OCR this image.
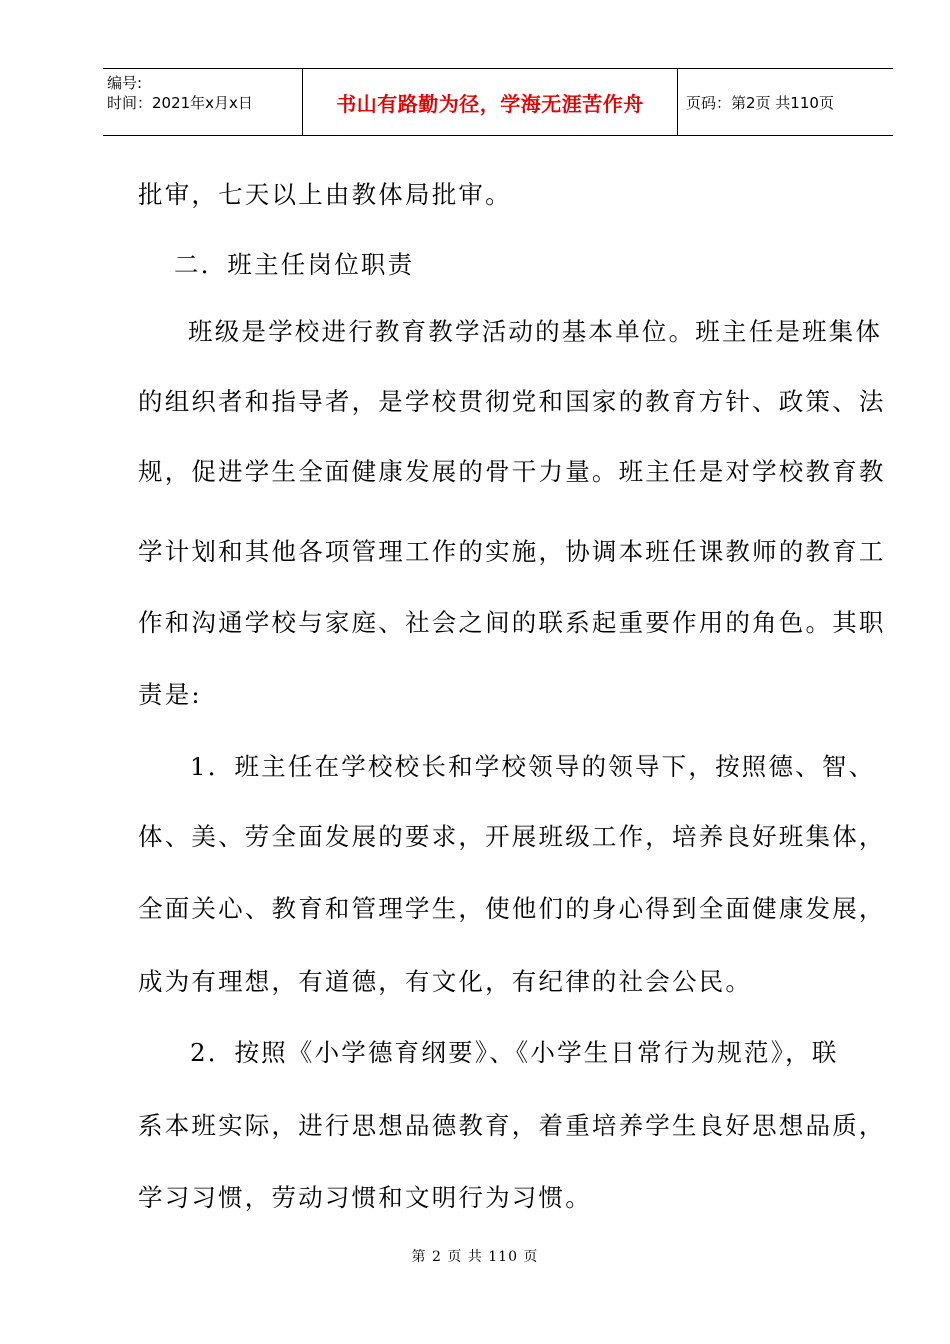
编号:
时间：2021年x月x日	书山有路勤为径，学海无涯苦作舟	页码：第2页 共110页
批审，七天以上由教体局批审。
二．班主任岗位职责
班级是学校进行教育教学活动的基本单位。班主任是班集体
的组织者和指导者，是学校贯彻党和国家的教育方针、政策、法
规，促进学生全面健康发展的骨干力量。班主任是对学校教育教
学计划和其他各项管理工作的实施，协调本班任课教师的教育工
作和沟通学校与家庭、社会之间的联系起重要作用的角色。其职
责是:
1．班主任在学校校长和学校领导的领导下，按照德、智、
体、美、劳全面发展的要求，开展班级工作，培养良好班集体，
全面关心、教育和管理学生，使他们的身心得到全面健康发展，
成为有理想，有道德，有文化，有纪律的社会公民。
2．按照《小学德育纲要》、《小学生日常行为规范》，联
系本班实际，进行思想品德教育，着重培养学生良好思想品质，
学习习惯，劳动习惯和文明行为习惯。
第 2 页 共 110 页
